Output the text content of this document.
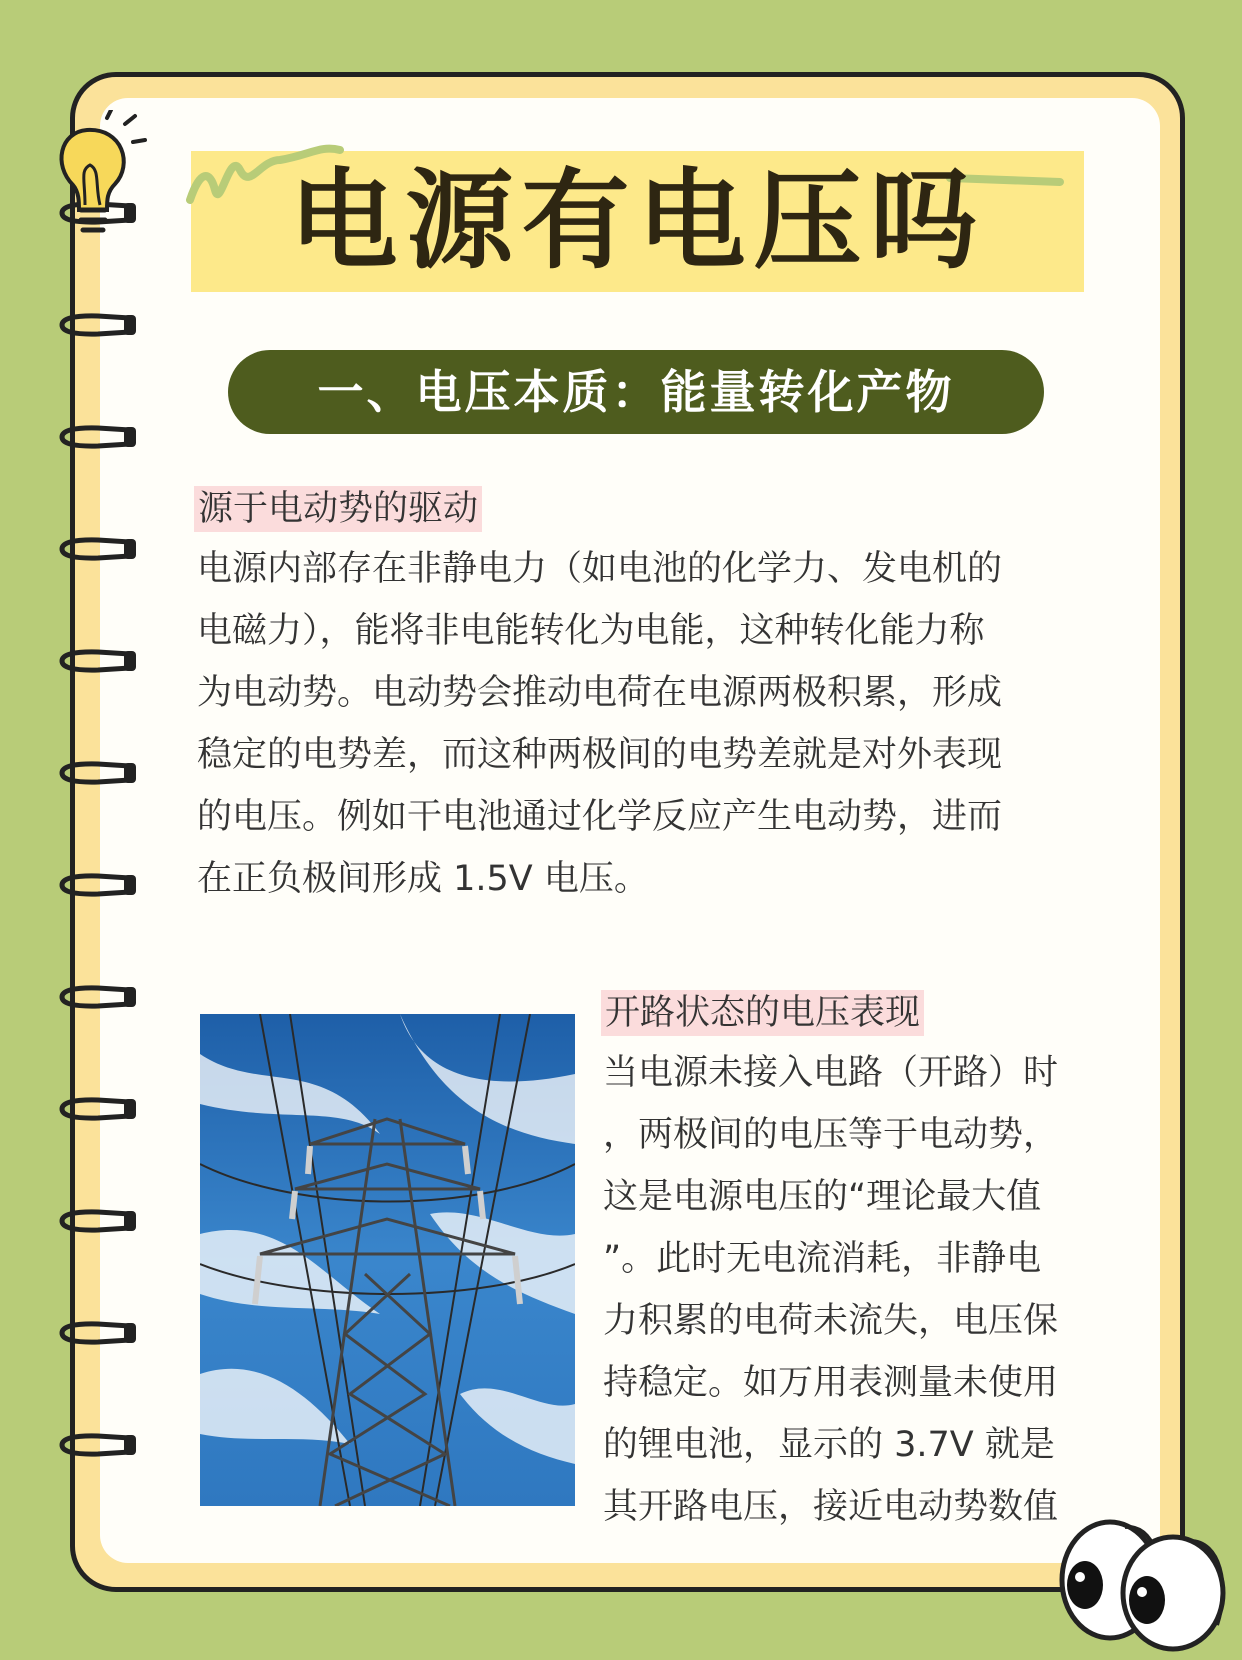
电源有电压吗
一、电压本质：能量转化产物
源于电动势的驱动
电源内部存在非静电力（如电池的化学力、发电机的
电磁力），能将非电能转化为电能，这种转化能力称
为电动势。电动势会推动电荷在电源两极积累，形成
稳定的电势差，而这种两极间的电势差就是对外表现
的电压。例如干电池通过化学反应产生电动势，进而
在正负极间形成 1.5V 电压。
开路状态的电压表现
当电源未接入电路（开路）时
，两极间的电压等于电动势，
这是电源电压的“理论最大值
”。此时无电流消耗，非静电
力积累的电荷未流失，电压保
持稳定。如万用表测量未使用
的锂电池，显示的 3.7V 就是
其开路电压，接近电动势数值
